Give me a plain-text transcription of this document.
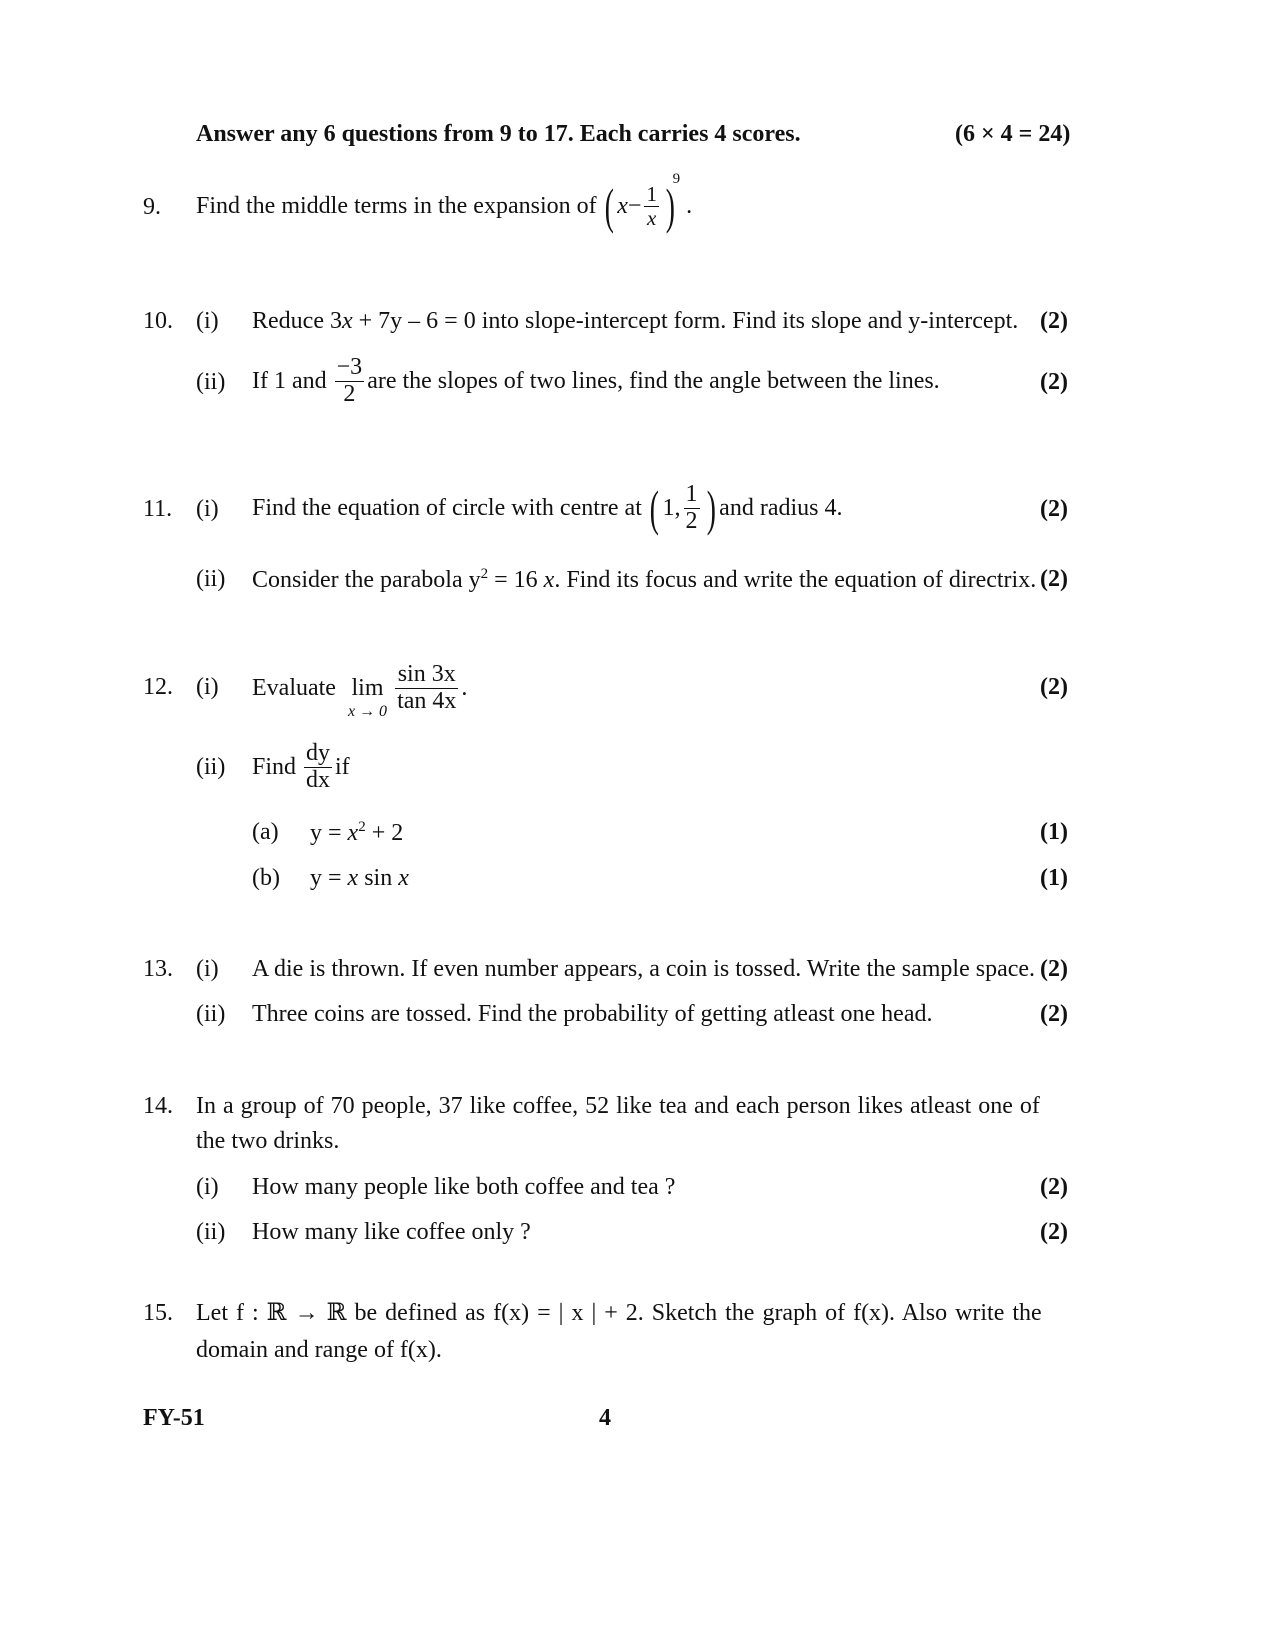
Answer any 6 questions from 9 to 17. Each carries 4 scores.	(6 × 4 = 24)
9. Find the middle terms in the expansion of ( $x - \frac{1}{x}$ )
9
.
10. (i) Reduce 3x + 7y – 6 = 0 into slope-intercept form. Find its slope and y-intercept. (2)
(ii) If 1 and $\frac{-3}{2}$ are the slopes of two lines, find the angle between the lines.	(2)
11. (i) Find the equation of circle with centre at ( 1, $\frac{1}{2}$ ) and radius 4.	(2)
(ii) Consider the parabola $y^2 = 16$ x. Find its focus and write the equation of directrix. (2)
12. (i) Evaluate lim
$x \to 0 \frac{\sin 3x}{\tan 4x}$ .	(2)
(ii) Find $\frac{dy}{dx}$ if
(a) $y = x^2 + 2$	(1)
(b) y = x sin x	(1)
13. (i) A die is thrown. If even number appears, a coin is tossed. Write the sample space. (2)
(ii) Three coins are tossed. Find the probability of getting atleast one head.	(2)
14. In a group of 70 people, 37 like coffee, 52 like tea and each person likes atleast one of
the two drinks.
(i) How many people like both coffee and tea ?	(2)
(ii) How many like coffee only ?	(2)
15. Let f : ℝ → ℝ be defined as f(x) = | x | + 2. Sketch the graph of f(x). Also write the
domain and range of f(x).
FY-51	4
